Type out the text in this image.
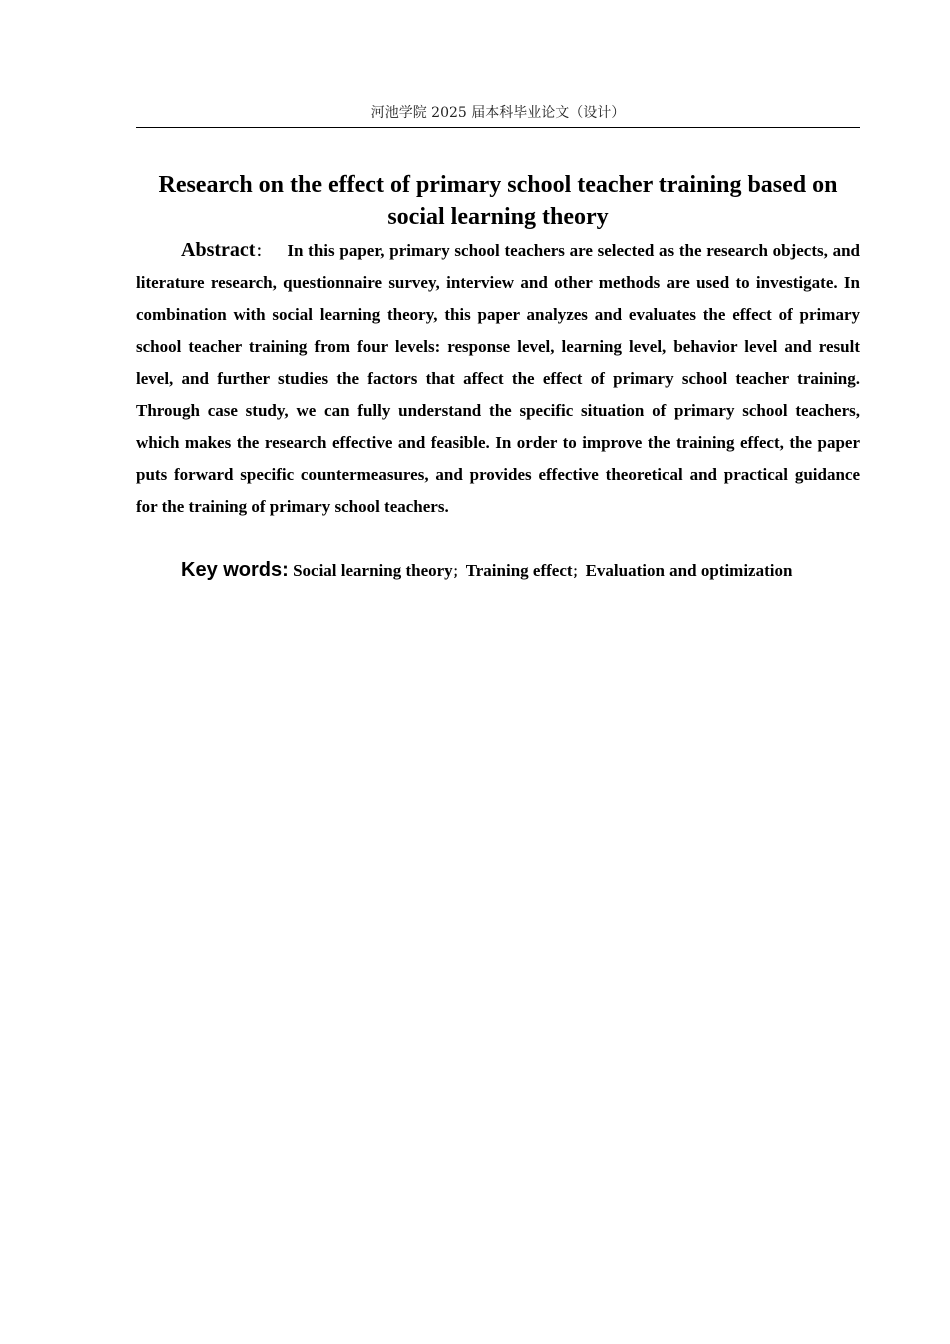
河池学院 2025 届本科毕业论文（设计）
Research on the effect of primary school teacher training based on
social learning theory

Abstract： In this paper, primary school teachers are selected as the research objects, and literature research, questionnaire survey, interview and other methods are used to investigate. In combination with social learning theory, this paper analyzes and evaluates the effect of primary school teacher training from four levels: response level, learning level, behavior level and result level, and further studies the factors that affect the effect of primary school teacher training. Through case study, we can fully understand the specific situation of primary school teachers, which makes the research effective and feasible. In order to improve the training effect, the paper puts forward specific countermeasures, and provides effective theoretical and practical guidance for the training of primary school teachers.

Key words: Social learning theory；Training effect；Evaluation and optimization
